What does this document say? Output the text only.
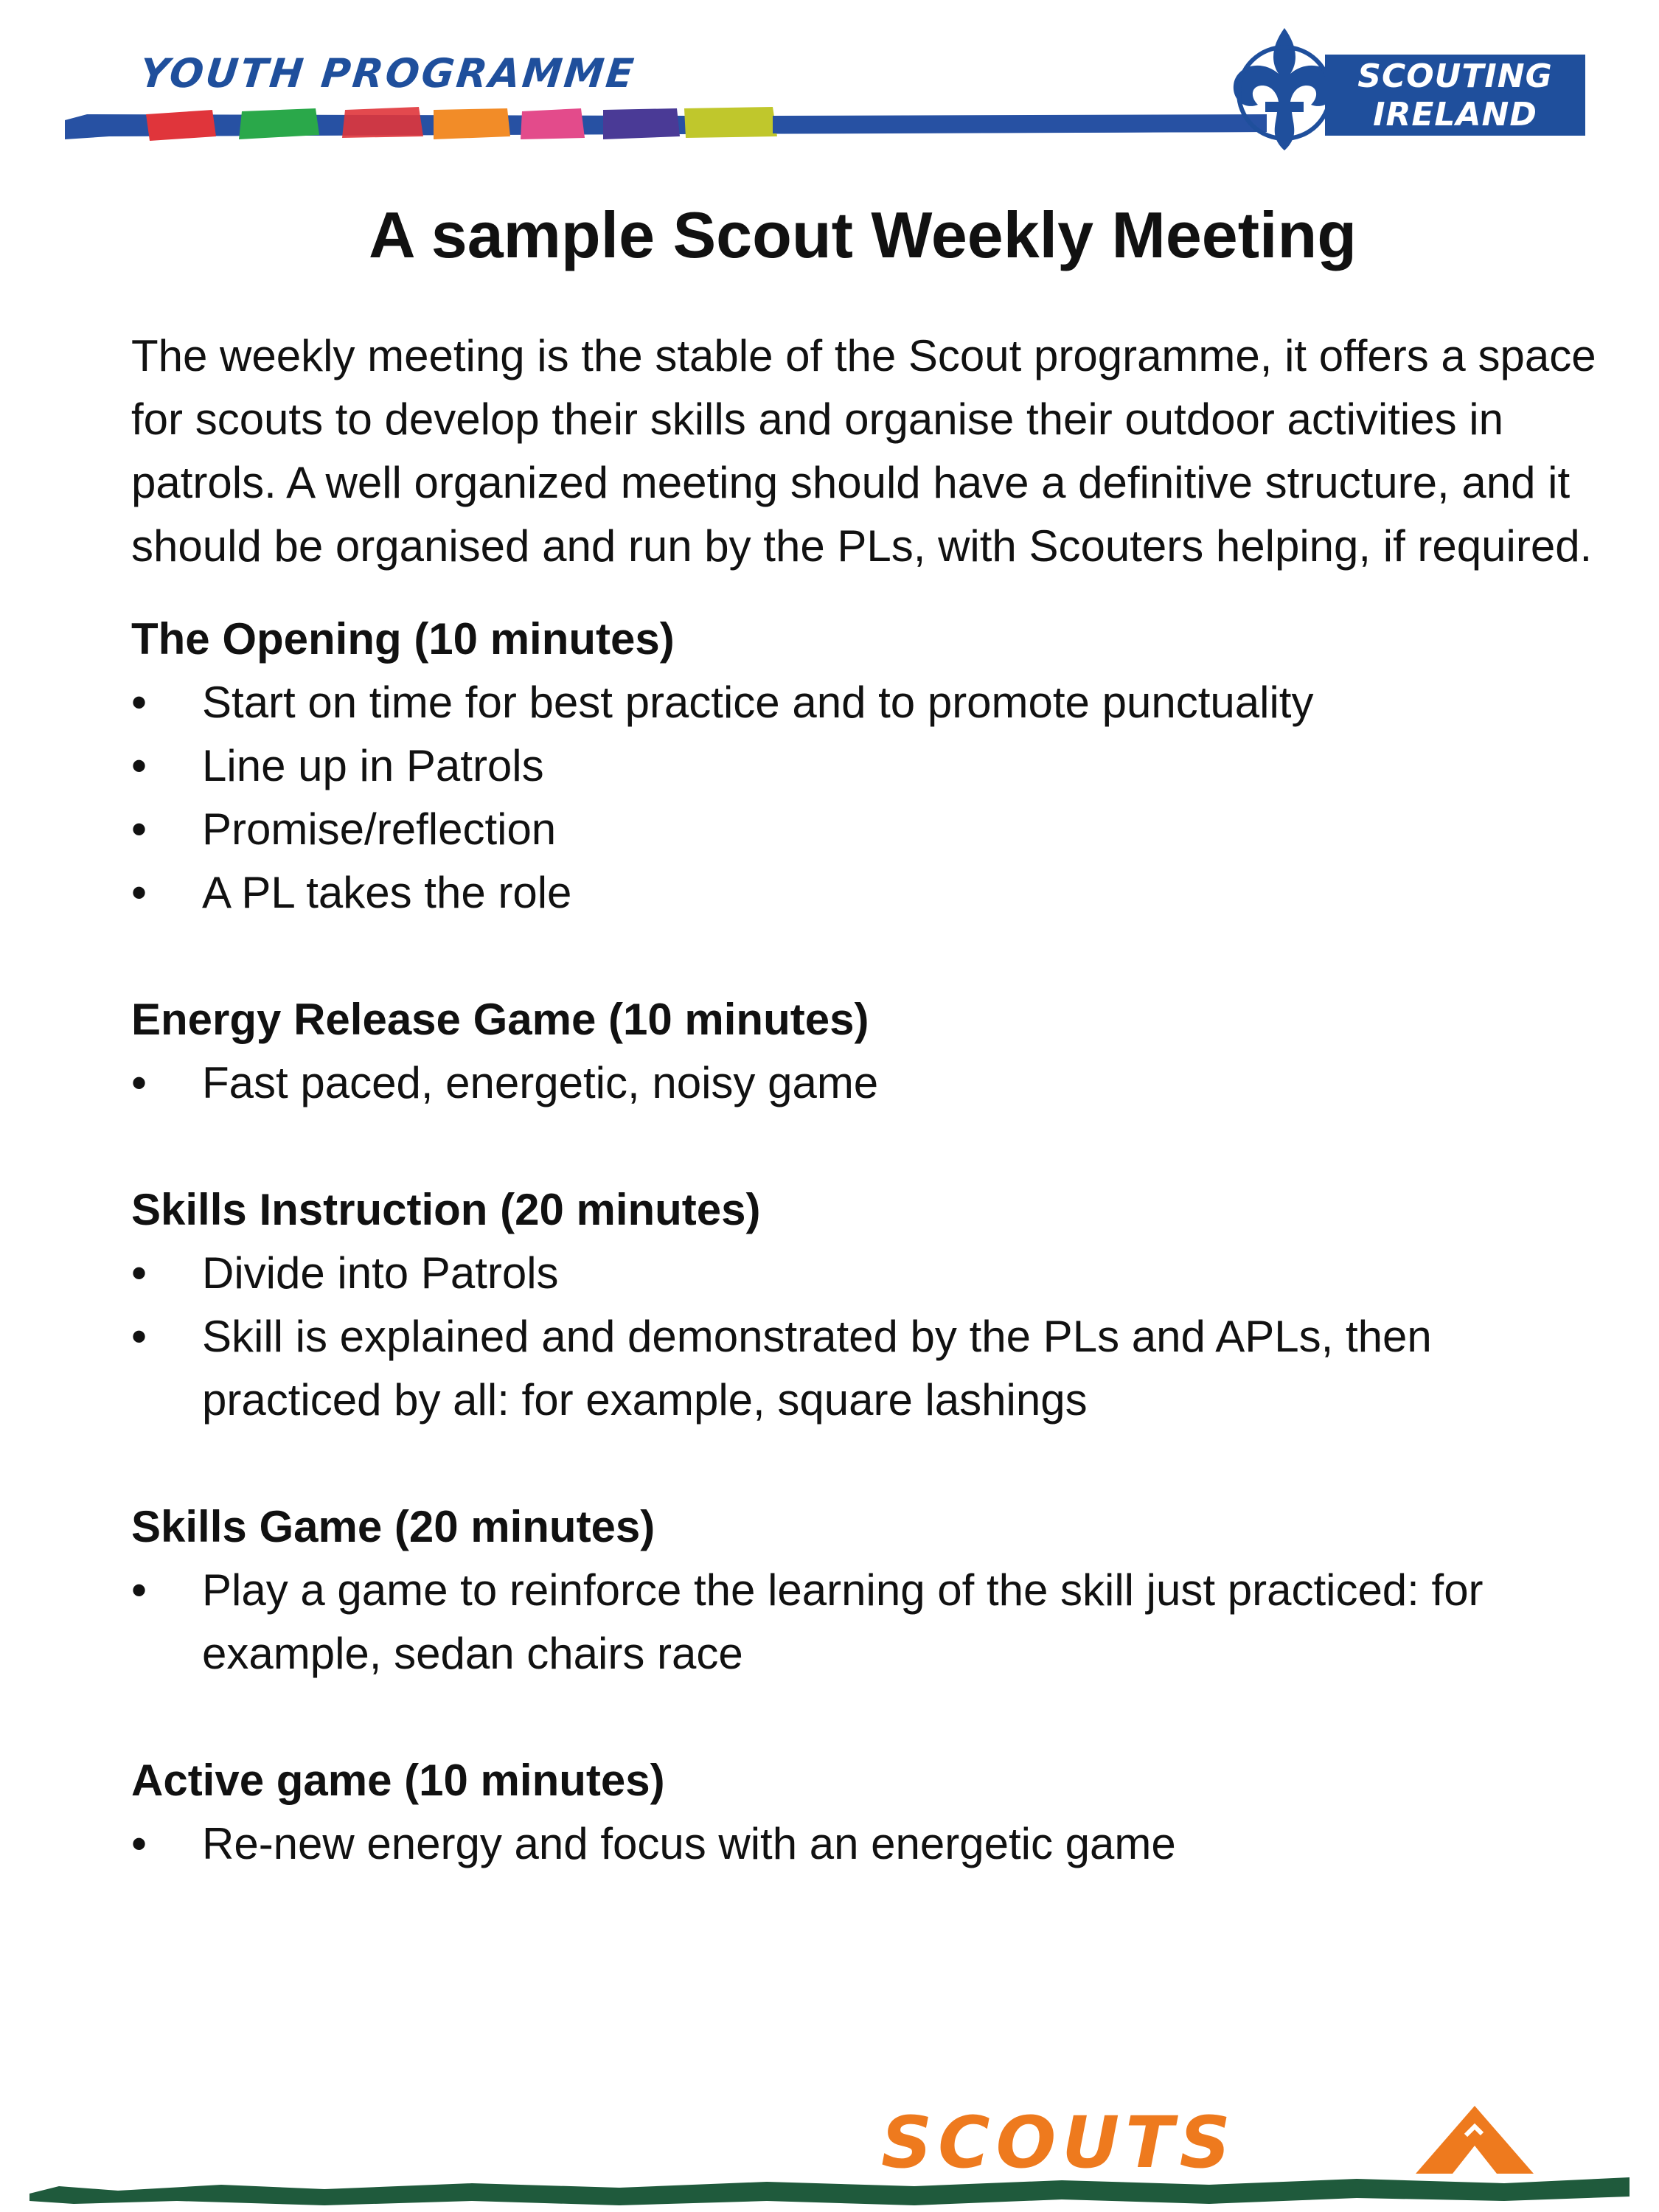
YOUTH PROGRAMME	SCOUTING
IRELAND
A sample Scout Weekly Meeting

The weekly meeting is the stable of the Scout programme, it offers a space for scouts to develop their skills and organise their outdoor activities in patrols. A well organized meeting should have a definitive structure, and it should be organised and run by the PLs, with Scouters helping, if required.

The Opening (10 minutes)

•	Start on time for best practice and to promote punctuality
•	Line up in Patrols
•	Promise/reflection
•	A PL takes the role

Energy Release Game (10 minutes)

•	Fast paced, energetic, noisy game

Skills Instruction (20 minutes)

•	Divide into Patrols
•	Skill is explained and demonstrated by the PLs and APLs, then practiced by all: for example, square lashings

Skills Game (20 minutes)

•	Play a game to reinforce the learning of the skill just practiced: for example, sedan chairs race

Active game (10 minutes)

•	Re-new energy and focus with an energetic game
SCOUTS
